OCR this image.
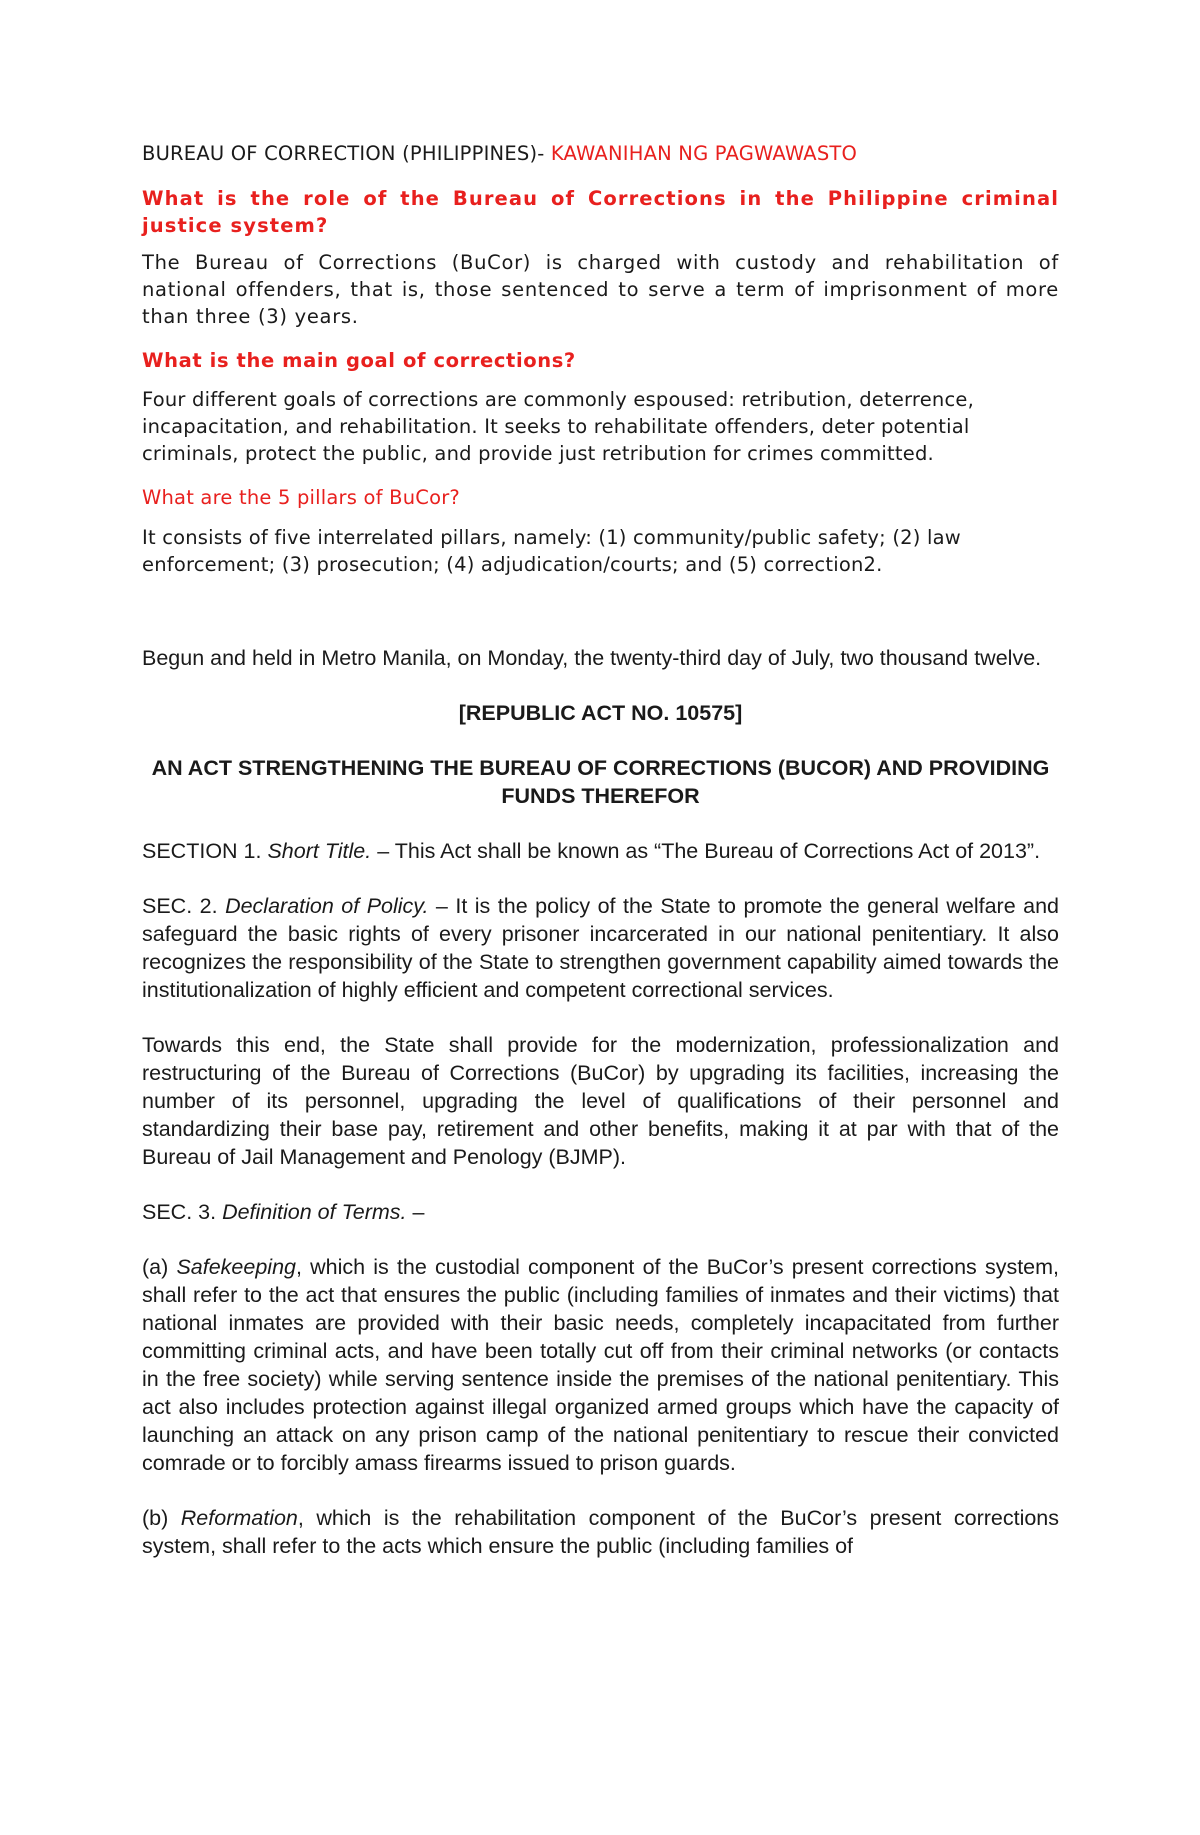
BUREAU OF CORRECTION (PHILIPPINES)- KAWANIHAN NG PAGWAWASTO

What is the role of the Bureau of Corrections in the Philippine criminal justice system?

The Bureau of Corrections (BuCor) is charged with custody and rehabilitation of national offenders, that is, those sentenced to serve a term of imprisonment of more than three (3) years.

What is the main goal of corrections?

Four different goals of corrections are commonly espoused: retribution, deterrence, incapacitation, and rehabilitation. It seeks to rehabilitate offenders, deter potential criminals, protect the public, and provide just retribution for crimes committed.

What are the 5 pillars of BuCor?

It consists of five interrelated pillars, namely: (1) community/public safety; (2) law enforcement; (3) prosecution; (4) adjudication/courts; and (5) correction2.

Begun and held in Metro Manila, on Monday, the twenty-third day of July, two thousand twelve.

[REPUBLIC ACT NO. 10575]

AN ACT STRENGTHENING THE BUREAU OF CORRECTIONS (BUCOR) AND PROVIDING FUNDS THEREFOR

SECTION 1. Short Title. – This Act shall be known as “The Bureau of Corrections Act of 2013”.

SEC. 2. Declaration of Policy. – It is the policy of the State to promote the general welfare and safeguard the basic rights of every prisoner incarcerated in our national penitentiary. It also recognizes the responsibility of the State to strengthen government capability aimed towards the institutionalization of highly efficient and competent correctional services.

Towards this end, the State shall provide for the modernization, professionalization and restructuring of the Bureau of Corrections (BuCor) by upgrading its facilities, increasing the number of its personnel, upgrading the level of qualifications of their personnel and standardizing their base pay, retirement and other benefits, making it at par with that of the Bureau of Jail Management and Penology (BJMP).

SEC. 3. Definition of Terms. –

(a) Safekeeping, which is the custodial component of the BuCor’s present corrections system, shall refer to the act that ensures the public (including families of inmates and their victims) that national inmates are provided with their basic needs, completely incapacitated from further committing criminal acts, and have been totally cut off from their criminal networks (or contacts in the free society) while serving sentence inside the premises of the national penitentiary. This act also includes protection against illegal organized armed groups which have the capacity of launching an attack on any prison camp of the national penitentiary to rescue their convicted comrade or to forcibly amass firearms issued to prison guards.

(b) Reformation, which is the rehabilitation component of the BuCor’s present corrections system, shall refer to the acts which ensure the public (including families of
